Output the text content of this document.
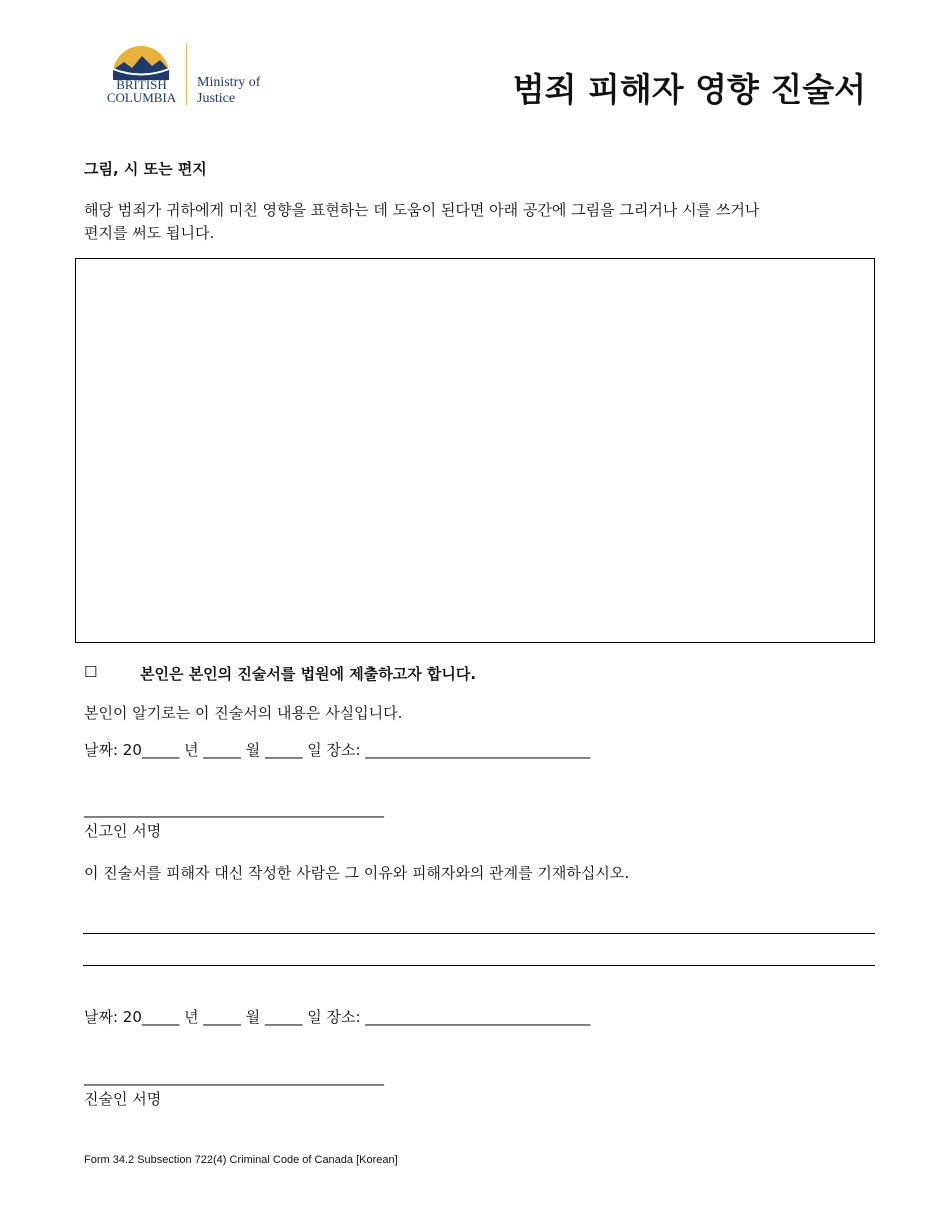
BRITISH
COLUMBIA
Ministry of
Justice	범죄 피해자 영향 진술서
그림, 시 또는 편지
해당 범죄가 귀하에게 미친 영향을 표현하는 데 도움이 된다면 아래 공간에 그림을 그리거나 시를 쓰거나
편지를 써도 됩니다.
☐	본인은 본인의 진술서를 법원에 제출하고자 합니다.
본인이 알기로는 이 진술서의 내용은 사실입니다.
날짜: 20_____ 년 _____ 월 _____ 일 장소: ______________________________
________________________________________
신고인 서명
이 진술서를 피해자 대신 작성한 사람은 그 이유와 피해자와의 관계를 기재하십시오.
날짜: 20_____ 년 _____ 월 _____ 일 장소: ______________________________
________________________________________
진술인 서명
Form 34.2 Subsection 722(4) Criminal Code of Canada [Korean]
